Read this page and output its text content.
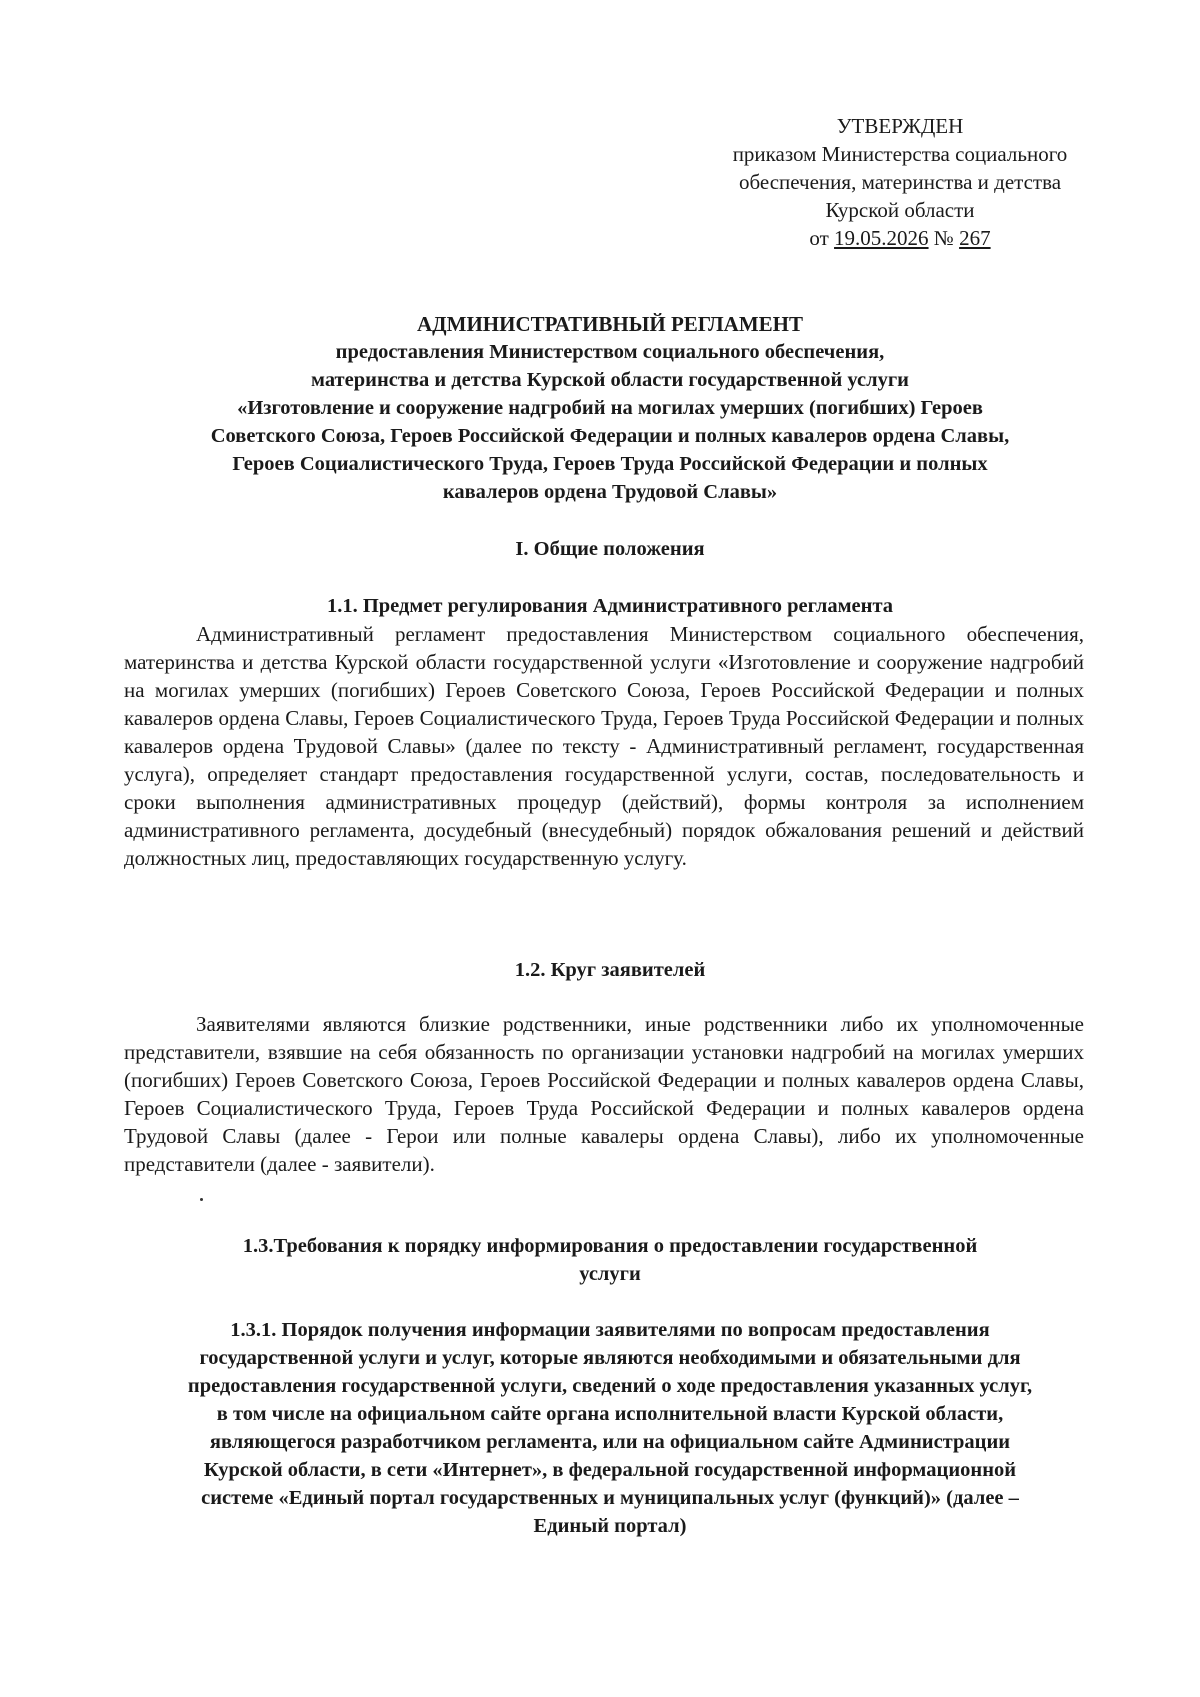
УТВЕРЖДЕН
приказом Министерства социального
обеспечения, материнства и детства
Курской области
от 19.05.2026 № 267
АДМИНИСТРАТИВНЫЙ РЕГЛАМЕНТ
предоставления Министерством социального обеспечения,
материнства и детства Курской области государственной услуги
«Изготовление и сооружение надгробий на могилах умерших (погибших) Героев
Советского Союза, Героев Российской Федерации и полных кавалеров ордена Славы,
Героев Социалистического Труда, Героев Труда Российской Федерации и полных
кавалеров ордена Трудовой Славы»
I. Общие положения
1.1. Предмет регулирования Административного регламента

Административный регламент предоставления Министерством социального обеспечения, материнства и детства Курской области государственной услуги «Изготовление и сооружение надгробий на могилах умерших (погибших) Героев Советского Союза, Героев Российской Федерации и полных кавалеров ордена Славы, Героев Социалистического Труда, Героев Труда Российской Федерации и полных кавалеров ордена Трудовой Славы» (далее по тексту - Административный регламент, государственная услуга), определяет стандарт предоставления государственной услуги, состав, последовательность и сроки выполнения административных процедур (действий), формы контроля за исполнением административного регламента, досудебный (внесудебный) порядок обжалования решений и действий должностных лиц, предоставляющих государственную услугу.

1.2. Круг заявителей

Заявителями являются близкие родственники, иные родственники либо их уполномоченные представители, взявшие на себя обязанность по организации установки надгробий на могилах умерших (погибших) Героев Советского Союза, Героев Российской Федерации и полных кавалеров ордена Славы, Героев Социалистического Труда, Героев Труда Российской Федерации и полных кавалеров ордена Трудовой Славы (далее - Герои или полные кавалеры ордена Славы), либо их уполномоченные представители (далее - заявители).

1.3.Требования к порядку информирования о предоставлении государственной
услуги
1.3.1. Порядок получения информации заявителями по вопросам предоставления
государственной услуги и услуг, которые являются необходимыми и обязательными для
предоставления государственной услуги, сведений о ходе предоставления указанных услуг,
в том числе на официальном сайте органа исполнительной власти Курской области,
являющегося разработчиком регламента, или на официальном сайте Администрации
Курской области, в сети «Интернет», в федеральной государственной информационной
системе «Единый портал государственных и муниципальных услуг (функций)» (далее –
Единый портал)
